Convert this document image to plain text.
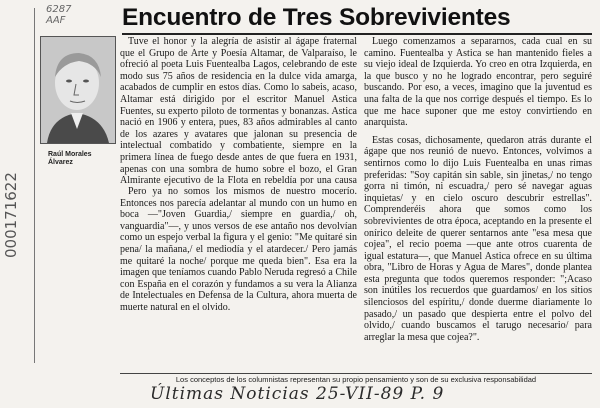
6287
AAF
000171622
Encuentro de Tres Sobrevivientes
Raúl Morales Álvarez

Tuve el honor y la alegría de asistir al ágape fraternal que el Grupo de Arte y Poesía Altamar, de Valparaíso, le ofreció al poeta Luis Fuentealba Lagos, celebrando de este modo sus 75 años de residencia en la dulce vida amarga, acabados de cumplir en estos días. Como lo sabeis, acaso, Altamar está dirigido por el escritor Manuel Astica Fuentes, su experto piloto de tormentas y bonanzas. Astica nació en 1906 y entera, pues, 83 años admirables al canto de los azares y avatares que jalonan su presencia de intelectual combatido y combatiente, siempre en la primera línea de fuego desde antes de que fuera en 1931, apenas con una sombra de humo sobre el bozo, el Gran Almirante ejecutivo de la Flota en rebeldía por una causa

Pero ya no somos los mismos de nuestro mocerío. Entonces nos parecía adelantar al mundo con un humo en boca —"Joven Guardia,/ siempre en guardia,/ oh, vanguardia"—, y unos versos de ese antaño nos devolvían como un espejo verbal la figura y el genio: "Me quitaré sin pena/ la mañana,/ el mediodía y el atardecer./ Pero jamás me quitaré la noche/ porque me queda bien". Esa era la imagen que teníamos cuando Pablo Neruda regresó a Chile con España en el corazón y fundamos a su vera la Alianza de Intelectuales en Defensa de la Cultura, ahora muerta de muerte natural en el olvido.

Luego comenzamos a separarnos, cada cual en su camino. Fuentealba y Astica se han mantenido fieles a su viejo ideal de Izquierda. Yo creo en otra Izquierda, en la que busco y no he logrado encontrar, pero seguiré buscando. Por eso, a veces, imagino que la juventud es una falta de la que nos corrige después el tiempo. Es lo que me hace suponer que me estoy convirtiendo en anarquista.

Estas cosas, dichosamente, quedaron atrás durante el ágape que nos reunió de nuevo. Entonces, volvimos a sentirnos como lo dijo Luis Fuentealba en unas rimas preferidas: "Soy capitán sin sable, sin jinetas,/ no tengo gorra ni timón, ni escuadra,/ pero sé navegar aguas inquietas/ y en cielo oscuro descubrir estrellas". Comprenderéis ahora que somos como los sobrevivientes de otra época, aceptando en la presente el onírico deleite de querer sentarnos ante "esa mesa que cojea", el recio poema —que ante otros cuarenta de igual estatura—, que Manuel Astica ofrece en su última obra, "Libro de Horas y Agua de Mares", donde plantea esta pregunta que todos queremos responder: ";Acaso son inútiles los recuerdos que guardamos/ en los sitios silenciosos del espíritu,/ donde duerme diariamente lo pasado,/ un pasado que despierta entre el polvo del olvido,/ cuando buscamos el tarugo necesario/ para arreglar la mesa que cojea?".

Los conceptos de los columnistas representan su propio pensamiento y son de su exclusiva responsabilidad
Últimas Noticias 25-VII-89 P. 9
